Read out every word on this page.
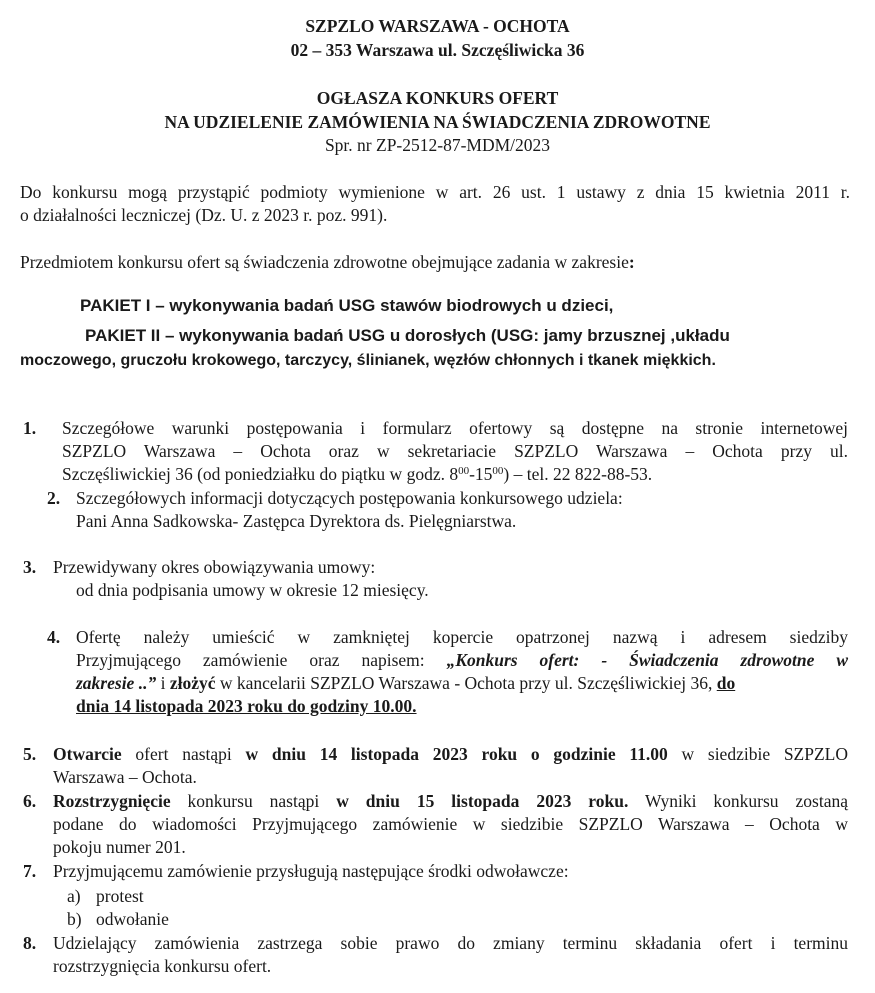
SZPZLO WARSZAWA - OCHOTA
02 – 353 Warszawa ul. Szczęśliwicka 36
OGŁASZA KONKURS OFERT
NA UDZIELENIE ZAMÓWIENIA NA ŚWIADCZENIA ZDROWOTNE
Spr. nr ZP-2512-87-MDM/2023
Do konkursu mogą przystąpić podmioty wymienione w art. 26 ust. 1 ustawy z dnia 15 kwietnia 2011 r.
o działalności leczniczej (Dz. U. z 2023 r. poz. 991).
Przedmiotem konkursu ofert są świadczenia zdrowotne obejmujące zadania w zakresie:
PAKIET I – wykonywania badań USG stawów biodrowych u dzieci,
PAKIET II – wykonywania badań USG u dorosłych (USG: jamy brzusznej ,układu
moczowego, gruczołu krokowego, tarczycy, ślinianek, węzłów chłonnych i tkanek miękkich.
1. Szczegółowe warunki postępowania i formularz ofertowy są dostępne na stronie internetowej
SZPZLO Warszawa – Ochota oraz w sekretariacie SZPZLO Warszawa – Ochota przy ul.
Szczęśliwickiej 36 (od poniedziałku do piątku w godz. $8^{00}-15^{00}$) – tel. 22 822-88-53.
2. Szczegółowych informacji dotyczących postępowania konkursowego udziela:
Pani Anna Sadkowska- Zastępca Dyrektora ds. Pielęgniarstwa.
3. Przewidywany okres obowiązywania umowy:
od dnia podpisania umowy w okresie 12 miesięcy.
4. Ofertę należy umieścić w zamkniętej kopercie opatrzonej nazwą i adresem siedziby
Przyjmującego zamówienie oraz napisem: „Konkurs ofert: - Świadczenia zdrowotne w
zakresie ..” i złożyć w kancelarii SZPZLO Warszawa - Ochota przy ul. Szczęśliwickiej 36, do
dnia 14 listopada 2023 roku do godziny 10.00.
5. Otwarcie ofert nastąpi w dniu 14 listopada 2023 roku o godzinie 11.00 w siedzibie SZPZLO
Warszawa – Ochota.
6. Rozstrzygnięcie konkursu nastąpi w dniu 15 listopada 2023 roku. Wyniki konkursu zostaną
podane do wiadomości Przyjmującego zamówienie w siedzibie SZPZLO Warszawa – Ochota w
pokoju numer 201.
7. Przyjmującemu zamówienie przysługują następujące środki odwoławcze:
a) protest
b) odwołanie
8. Udzielający zamówienia zastrzega sobie prawo do zmiany terminu składania ofert i terminu
rozstrzygnięcia konkursu ofert.
